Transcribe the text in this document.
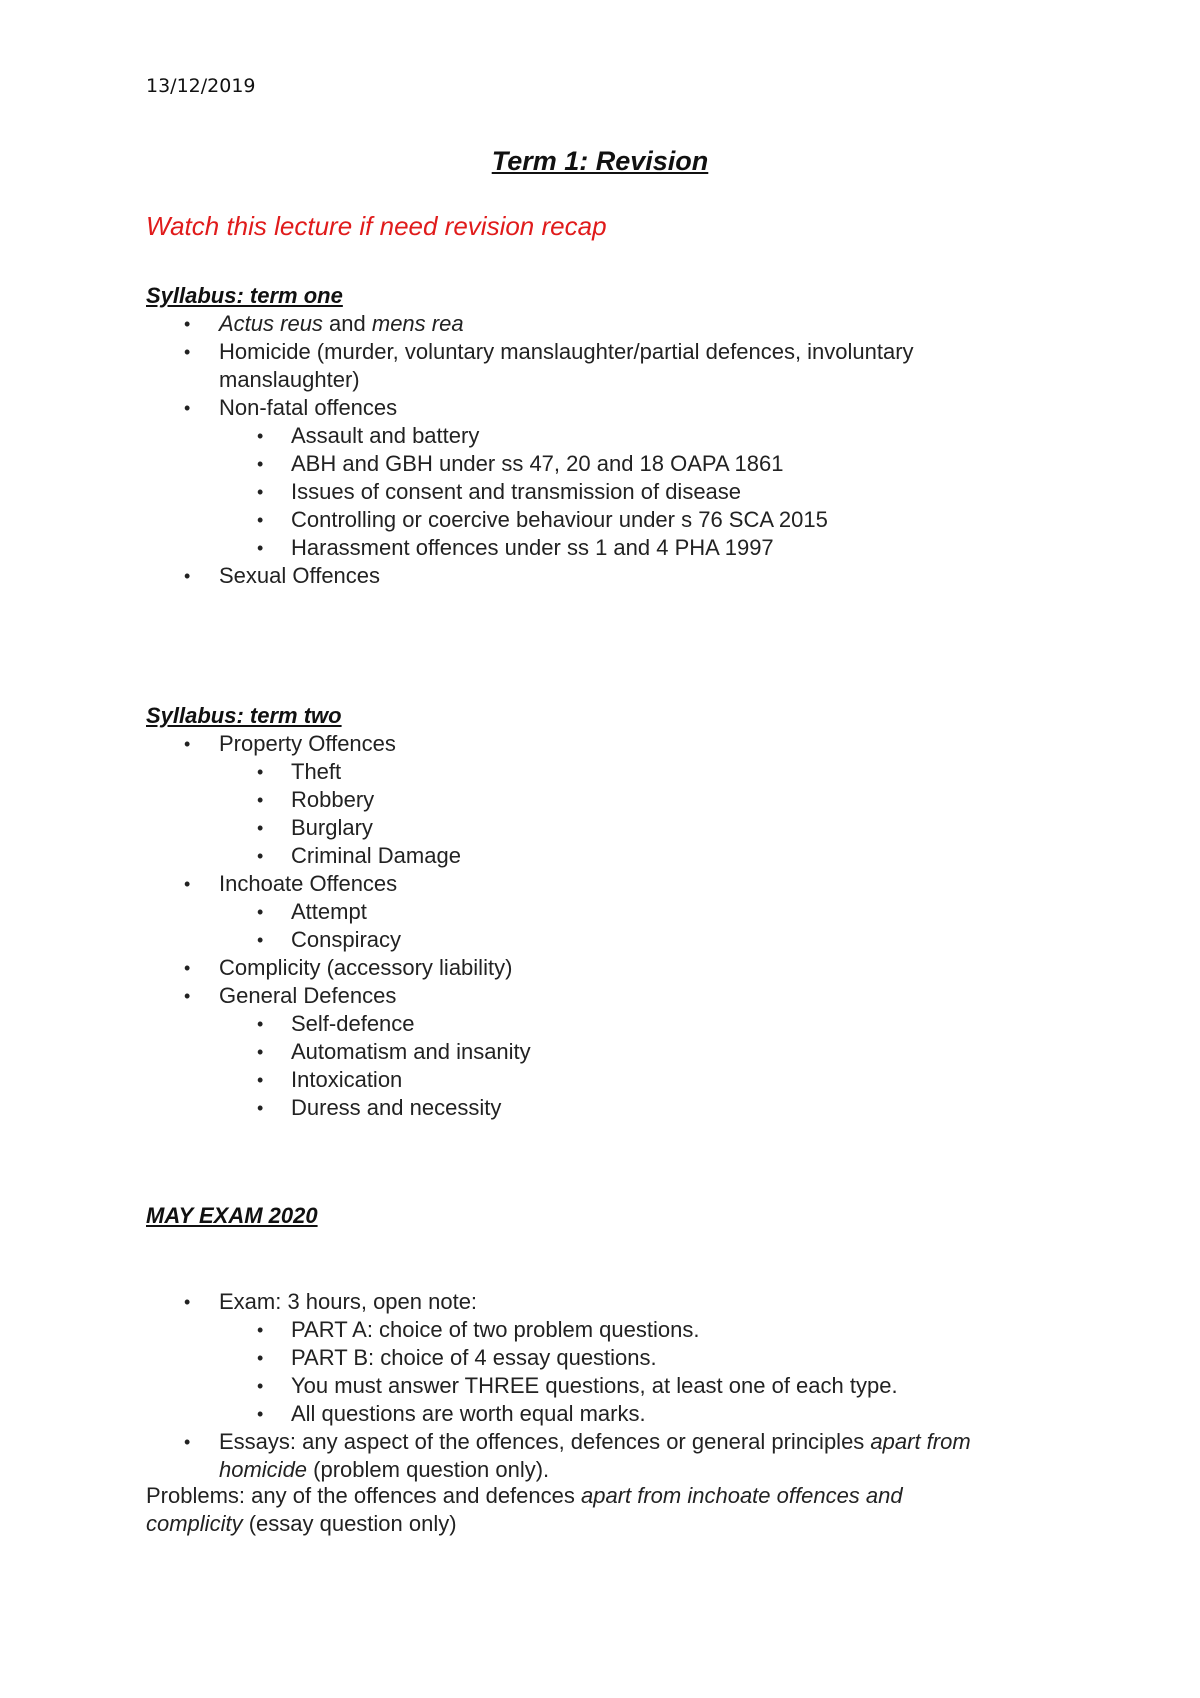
13/12/2019
Term 1: Revision
Watch this lecture if need revision recap
Syllabus: term one
• Actus reus and mens rea
• Homicide (murder, voluntary manslaughter/partial defences, involuntary
manslaughter)
• Non-fatal offences
• Assault and battery
• ABH and GBH under ss 47, 20 and 18 OAPA 1861
• Issues of consent and transmission of disease
• Controlling or coercive behaviour under s 76 SCA 2015
• Harassment offences under ss 1 and 4 PHA 1997
• Sexual Offences
Syllabus: term two
• Property Offences
• Theft
• Robbery
• Burglary
• Criminal Damage
• Inchoate Offences
• Attempt
• Conspiracy
• Complicity (accessory liability)
• General Defences
• Self-defence
• Automatism and insanity
• Intoxication
• Duress and necessity
MAY EXAM 2020
• Exam: 3 hours, open note:
• PART A: choice of two problem questions.
• PART B: choice of 4 essay questions.
• You must answer THREE questions, at least one of each type.
• All questions are worth equal marks.
• Essays: any aspect of the offences, defences or general principles apart from
homicide (problem question only).
Problems: any of the offences and defences apart from inchoate offences and
complicity (essay question only)
